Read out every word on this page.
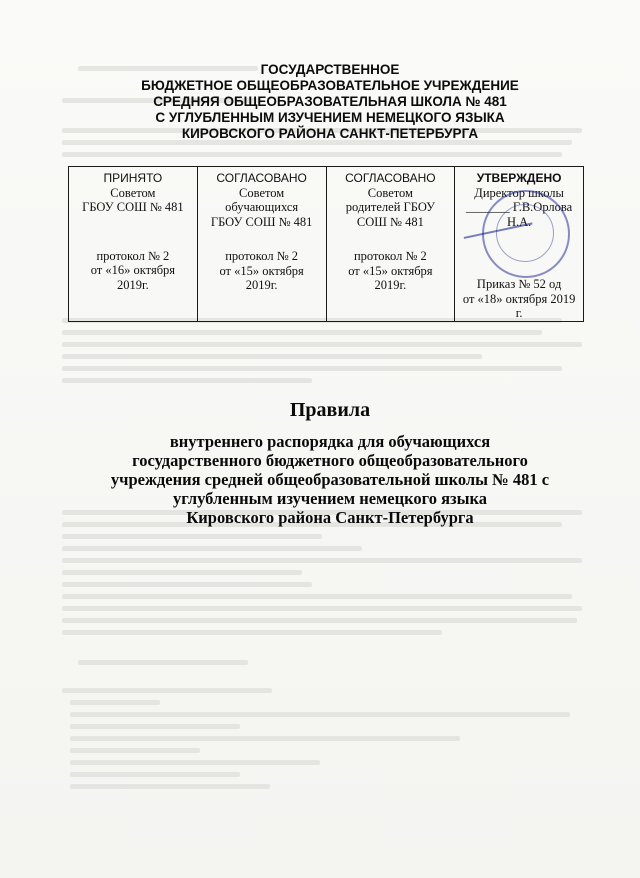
ГОСУДАРСТВЕННОЕ
БЮДЖЕТНОЕ ОБЩЕОБРАЗОВАТЕЛЬНОЕ УЧРЕЖДЕНИЕ
СРЕДНЯЯ ОБЩЕОБРАЗОВАТЕЛЬНАЯ ШКОЛА № 481
С УГЛУБЛЕННЫМ ИЗУЧЕНИЕМ НЕМЕЦКОГО ЯЗЫКА
КИРОВСКОГО РАЙОНА САНКТ-ПЕТЕРБУРГА
ПРИНЯТО
Советом
ГБОУ СОШ № 481
протокол № 2
от «16» октября
2019г.

СОГЛАСОВАНО
Советом
обучающихся
ГБОУ СОШ № 481
протокол № 2
от «15» октября
2019г.

СОГЛАСОВАНО
Советом
родителей ГБОУ
СОШ № 481
протокол № 2
от «15» октября
2019г.

УТВЕРЖДЕНО
Директор школы
_______ Г.В.Орлова Н.А.
Приказ № 52 од
от «18» октября 2019 г.
Правила
внутреннего распорядка для обучающихся
государственного бюджетного общеобразовательного
учреждения средней общеобразовательной школы № 481 с
углубленным изучением немецкого языка
Кировского района Санкт-Петербурга
